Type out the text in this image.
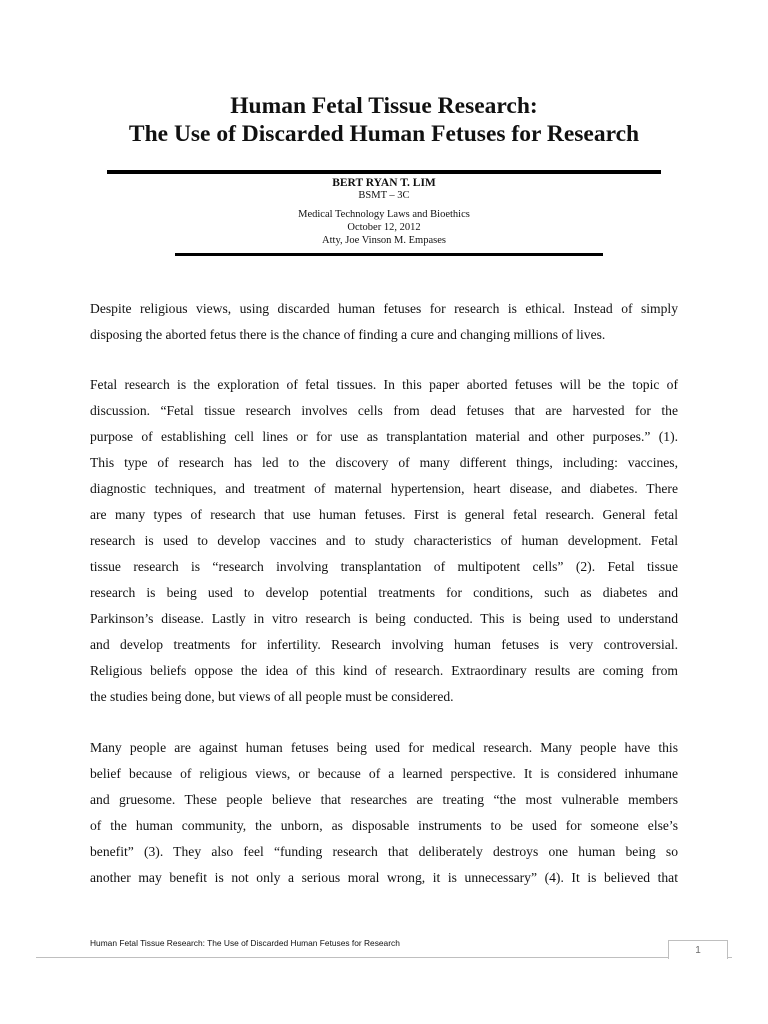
Human Fetal Tissue Research:
The Use of Discarded Human Fetuses for Research
BERT RYAN T. LIM
BSMT – 3C
Medical Technology Laws and Bioethics
October 12, 2012
Atty, Joe Vinson M. Empases
Despite religious views, using discarded human fetuses for research is ethical. Instead of simply
disposing the aborted fetus there is the chance of finding a cure and changing millions of lives.
Fetal research is the exploration of fetal tissues. In this paper aborted fetuses will be the topic of
discussion. “Fetal tissue research involves cells from dead fetuses that are harvested for the
purpose of establishing cell lines or for use as transplantation material and other purposes.” (1).
This type of research has led to the discovery of many different things, including: vaccines,
diagnostic techniques, and treatment of maternal hypertension, heart disease, and diabetes. There
are many types of research that use human fetuses. First is general fetal research. General fetal
research is used to develop vaccines and to study characteristics of human development. Fetal
tissue research is “research involving transplantation of multipotent cells” (2). Fetal tissue
research is being used to develop potential treatments for conditions, such as diabetes and
Parkinson’s disease. Lastly in vitro research is being conducted. This is being used to understand
and develop treatments for infertility. Research involving human fetuses is very controversial.
Religious beliefs oppose the idea of this kind of research. Extraordinary results are coming from
the studies being done, but views of all people must be considered.
Many people are against human fetuses being used for medical research. Many people have this
belief because of religious views, or because of a learned perspective. It is considered inhumane
and gruesome. These people believe that researches are treating “the most vulnerable members
of the human community, the unborn, as disposable instruments to be used for someone else’s
benefit” (3). They also feel “funding research that deliberately destroys one human being so
another may benefit is not only a serious moral wrong, it is unnecessary” (4). It is believed that
Human Fetal Tissue Research: The Use of Discarded Human Fetuses for Research
1
